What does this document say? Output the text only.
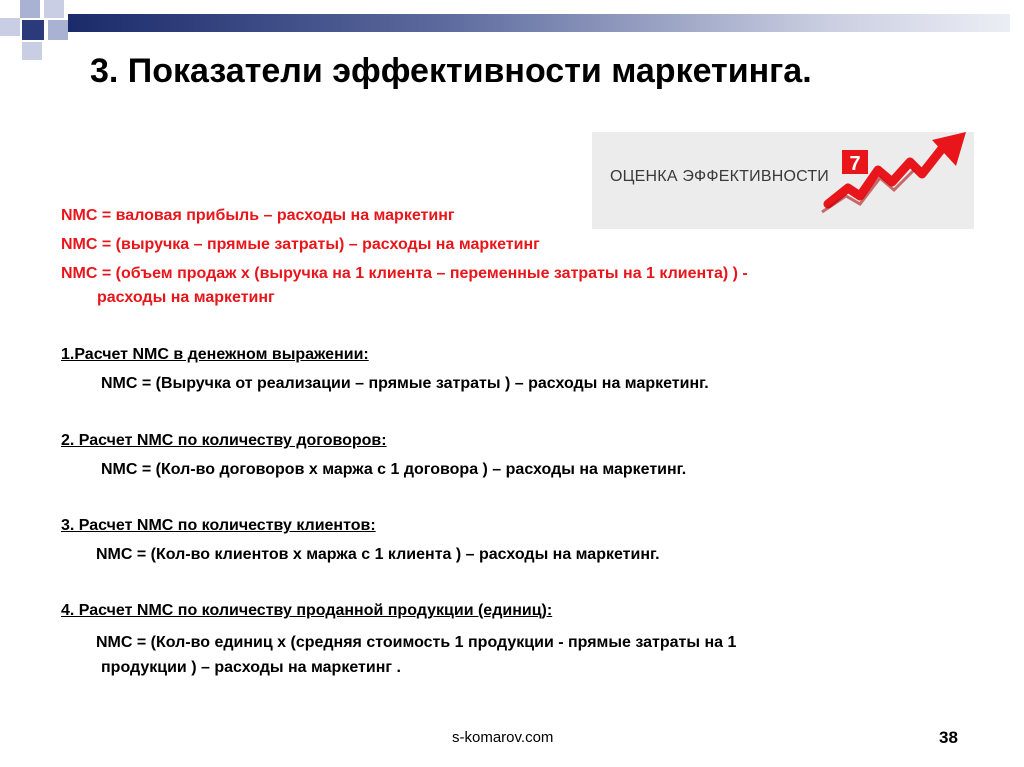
3. Показатели эффективности маркетинга.
ОЦЕНКА ЭФФЕКТИВНОСТИ
7
NMC = валовая прибыль – расходы на маркетинг
NMC = (выручка – прямые затраты) – расходы на маркетинг
NMC = (объем продаж х (выручка на 1 клиента – переменные затраты на 1 клиента) ) -
расходы на маркетинг
1.Расчет NMC в денежном выражении:
NMC = (Выручка от реализации – прямые затраты ) – расходы на маркетинг.
2. Расчет NMC по количеству договоров:
NMC = (Кол-во договоров х маржа с 1 договора ) – расходы на маркетинг.
3. Расчет NMC по количеству клиентов:
NMC = (Кол-во клиентов х маржа с 1 клиента ) – расходы на маркетинг.
4. Расчет NMC по количеству проданной продукции (единиц):
NMC = (Кол-во единиц х (средняя стоимость 1 продукции - прямые затраты на 1
продукции ) – расходы на маркетинг .
s-komarov.com	38
